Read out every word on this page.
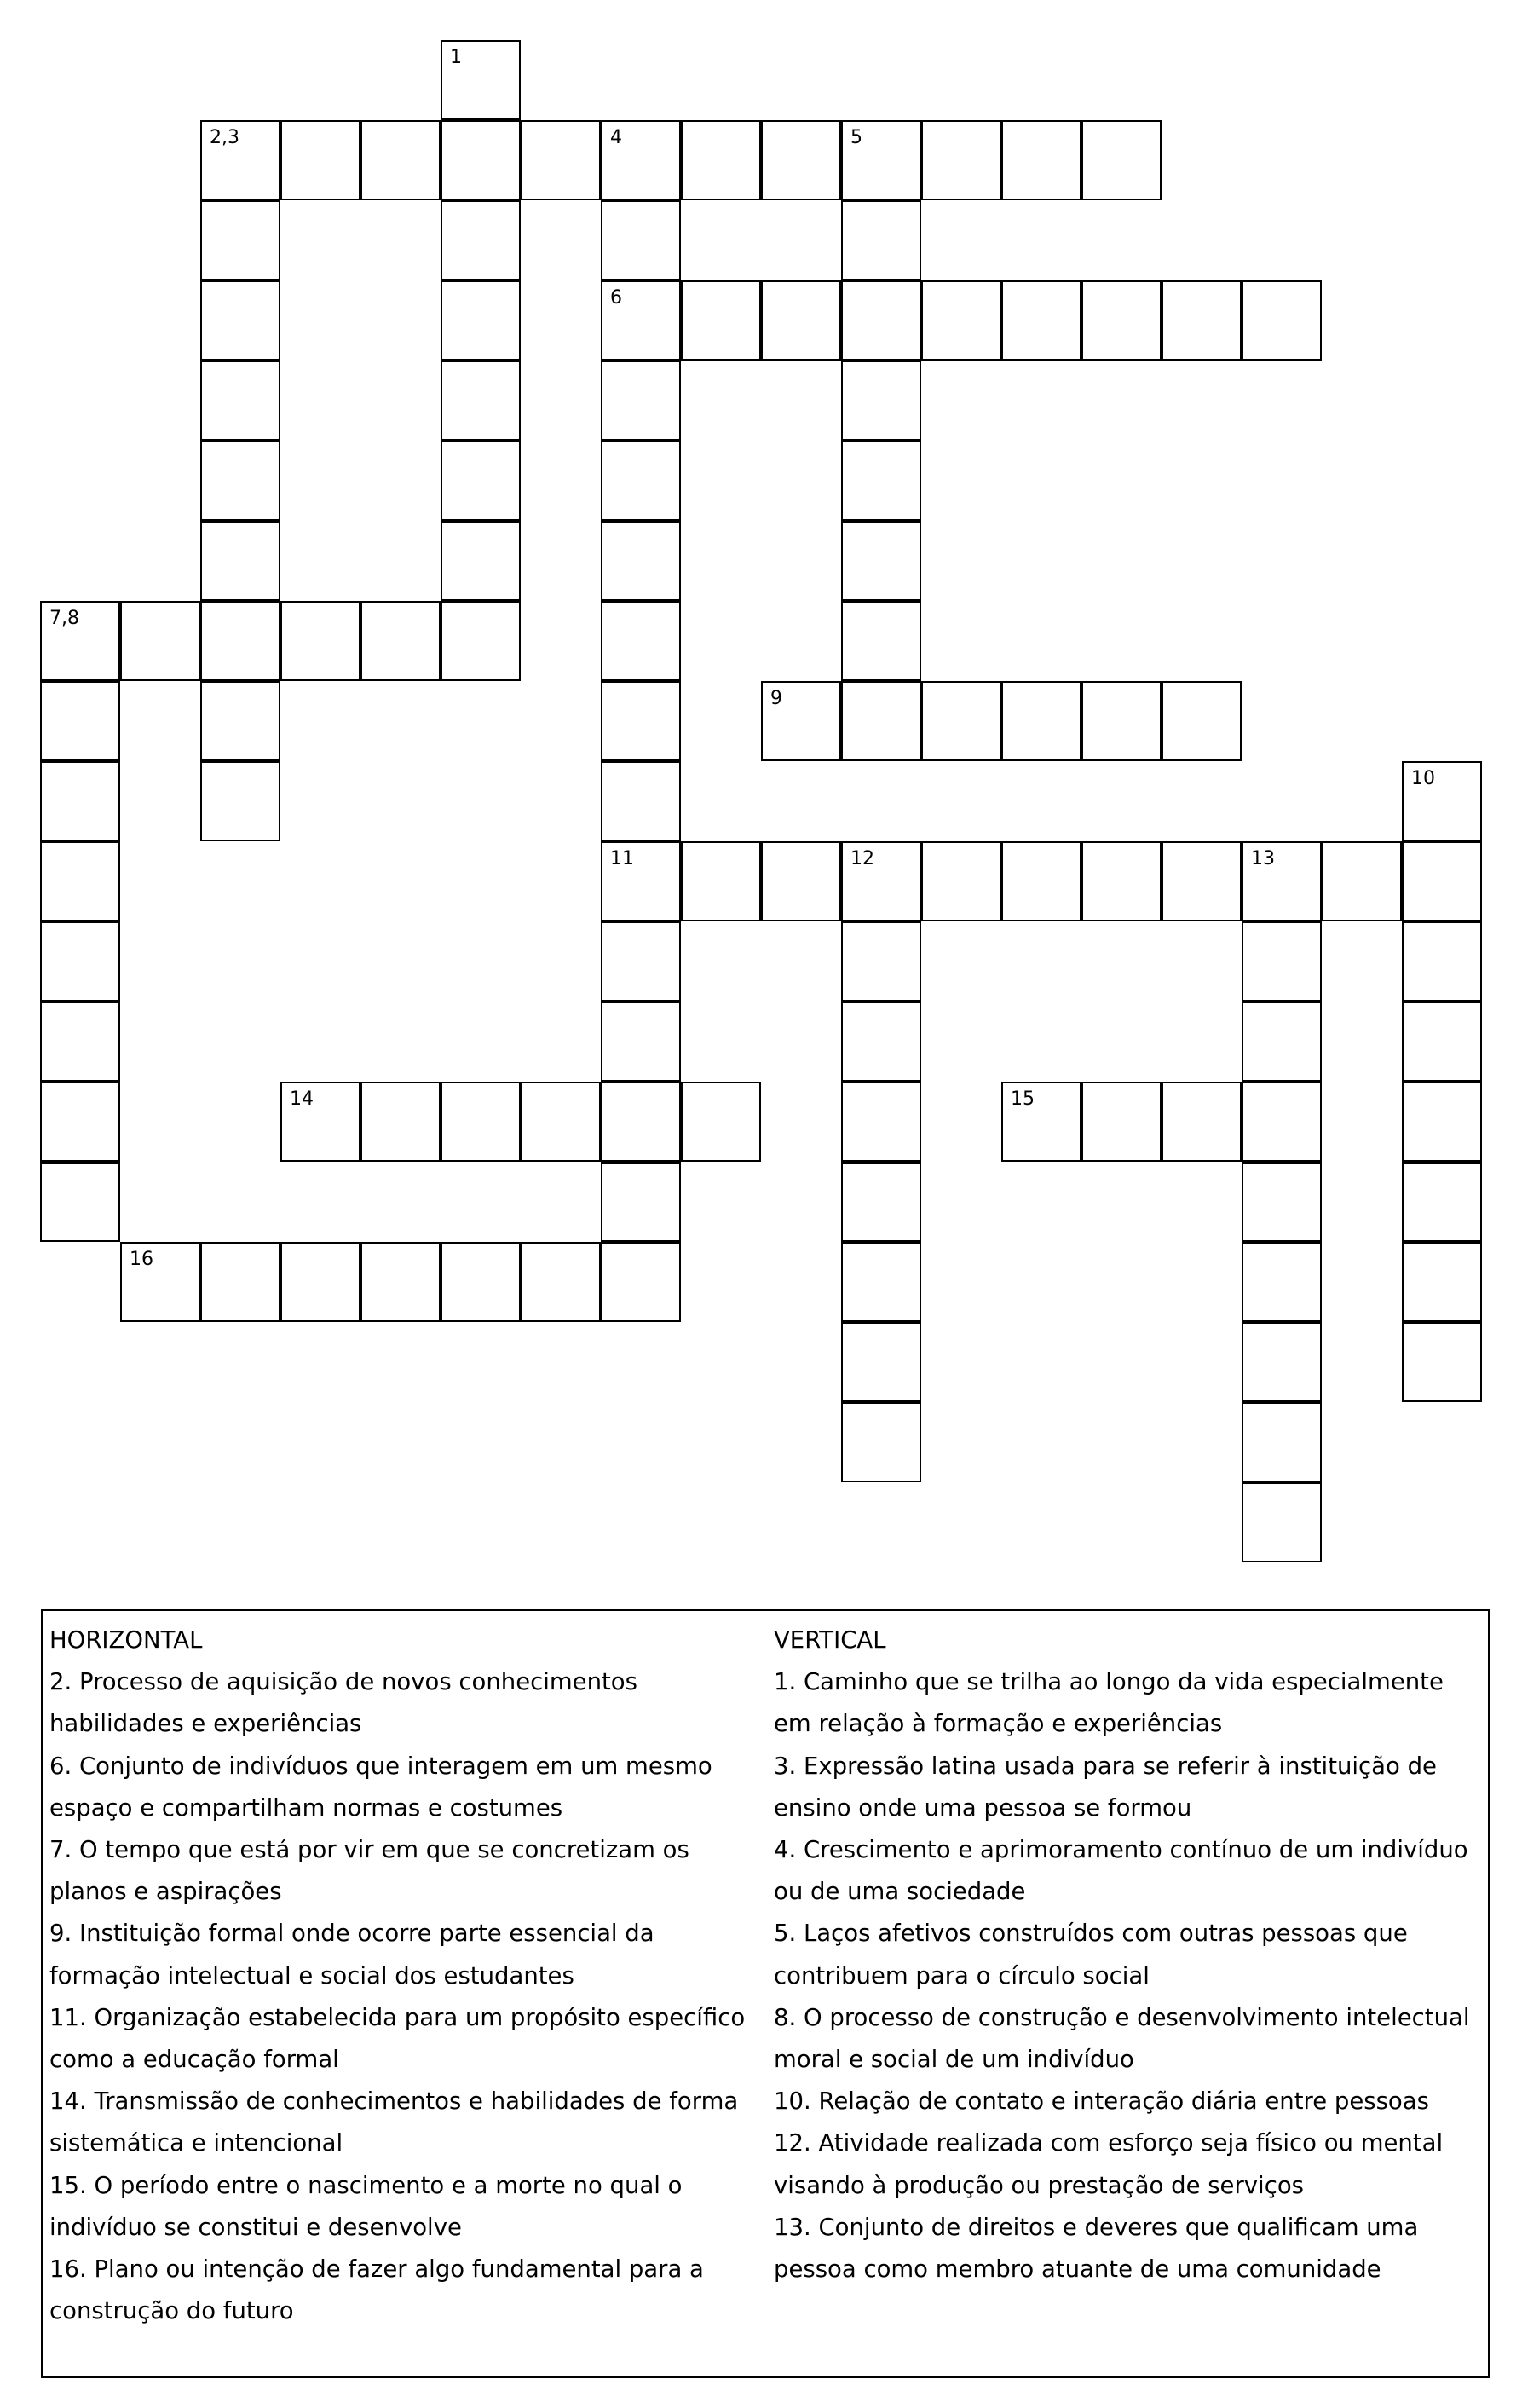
2,3	4	5
6
7,8
9
11	12	13
14	15
16
1
10
HORIZONTAL
2. Processo de aquisição de novos conhecimentos habilidades e experiências
6. Conjunto de indivíduos que interagem em um mesmo espaço e compartilham normas e costumes
7. O tempo que está por vir em que se concretizam os planos e aspirações
9. Instituição formal onde ocorre parte essencial da formação intelectual e social dos estudantes
11. Organização estabelecida para um propósito específico como a educação formal
14. Transmissão de conhecimentos e habilidades de forma sistemática e intencional
15. O período entre o nascimento e a morte no qual o indivíduo se constitui e desenvolve
16. Plano ou intenção de fazer algo fundamental para a construção do futuro
VERTICAL
1. Caminho que se trilha ao longo da vida especialmente em relação à formação e experiências
3. Expressão latina usada para se referir à instituição de ensino onde uma pessoa se formou
4. Crescimento e aprimoramento contínuo de um indivíduo ou de uma sociedade
5. Laços afetivos construídos com outras pessoas que contribuem para o círculo social
8. O processo de construção e desenvolvimento intelectual moral e social de um indivíduo
10. Relação de contato e interação diária entre pessoas
12. Atividade realizada com esforço seja físico ou mental visando à produção ou prestação de serviços
13. Conjunto de direitos e deveres que qualificam uma pessoa como membro atuante de uma comunidade
